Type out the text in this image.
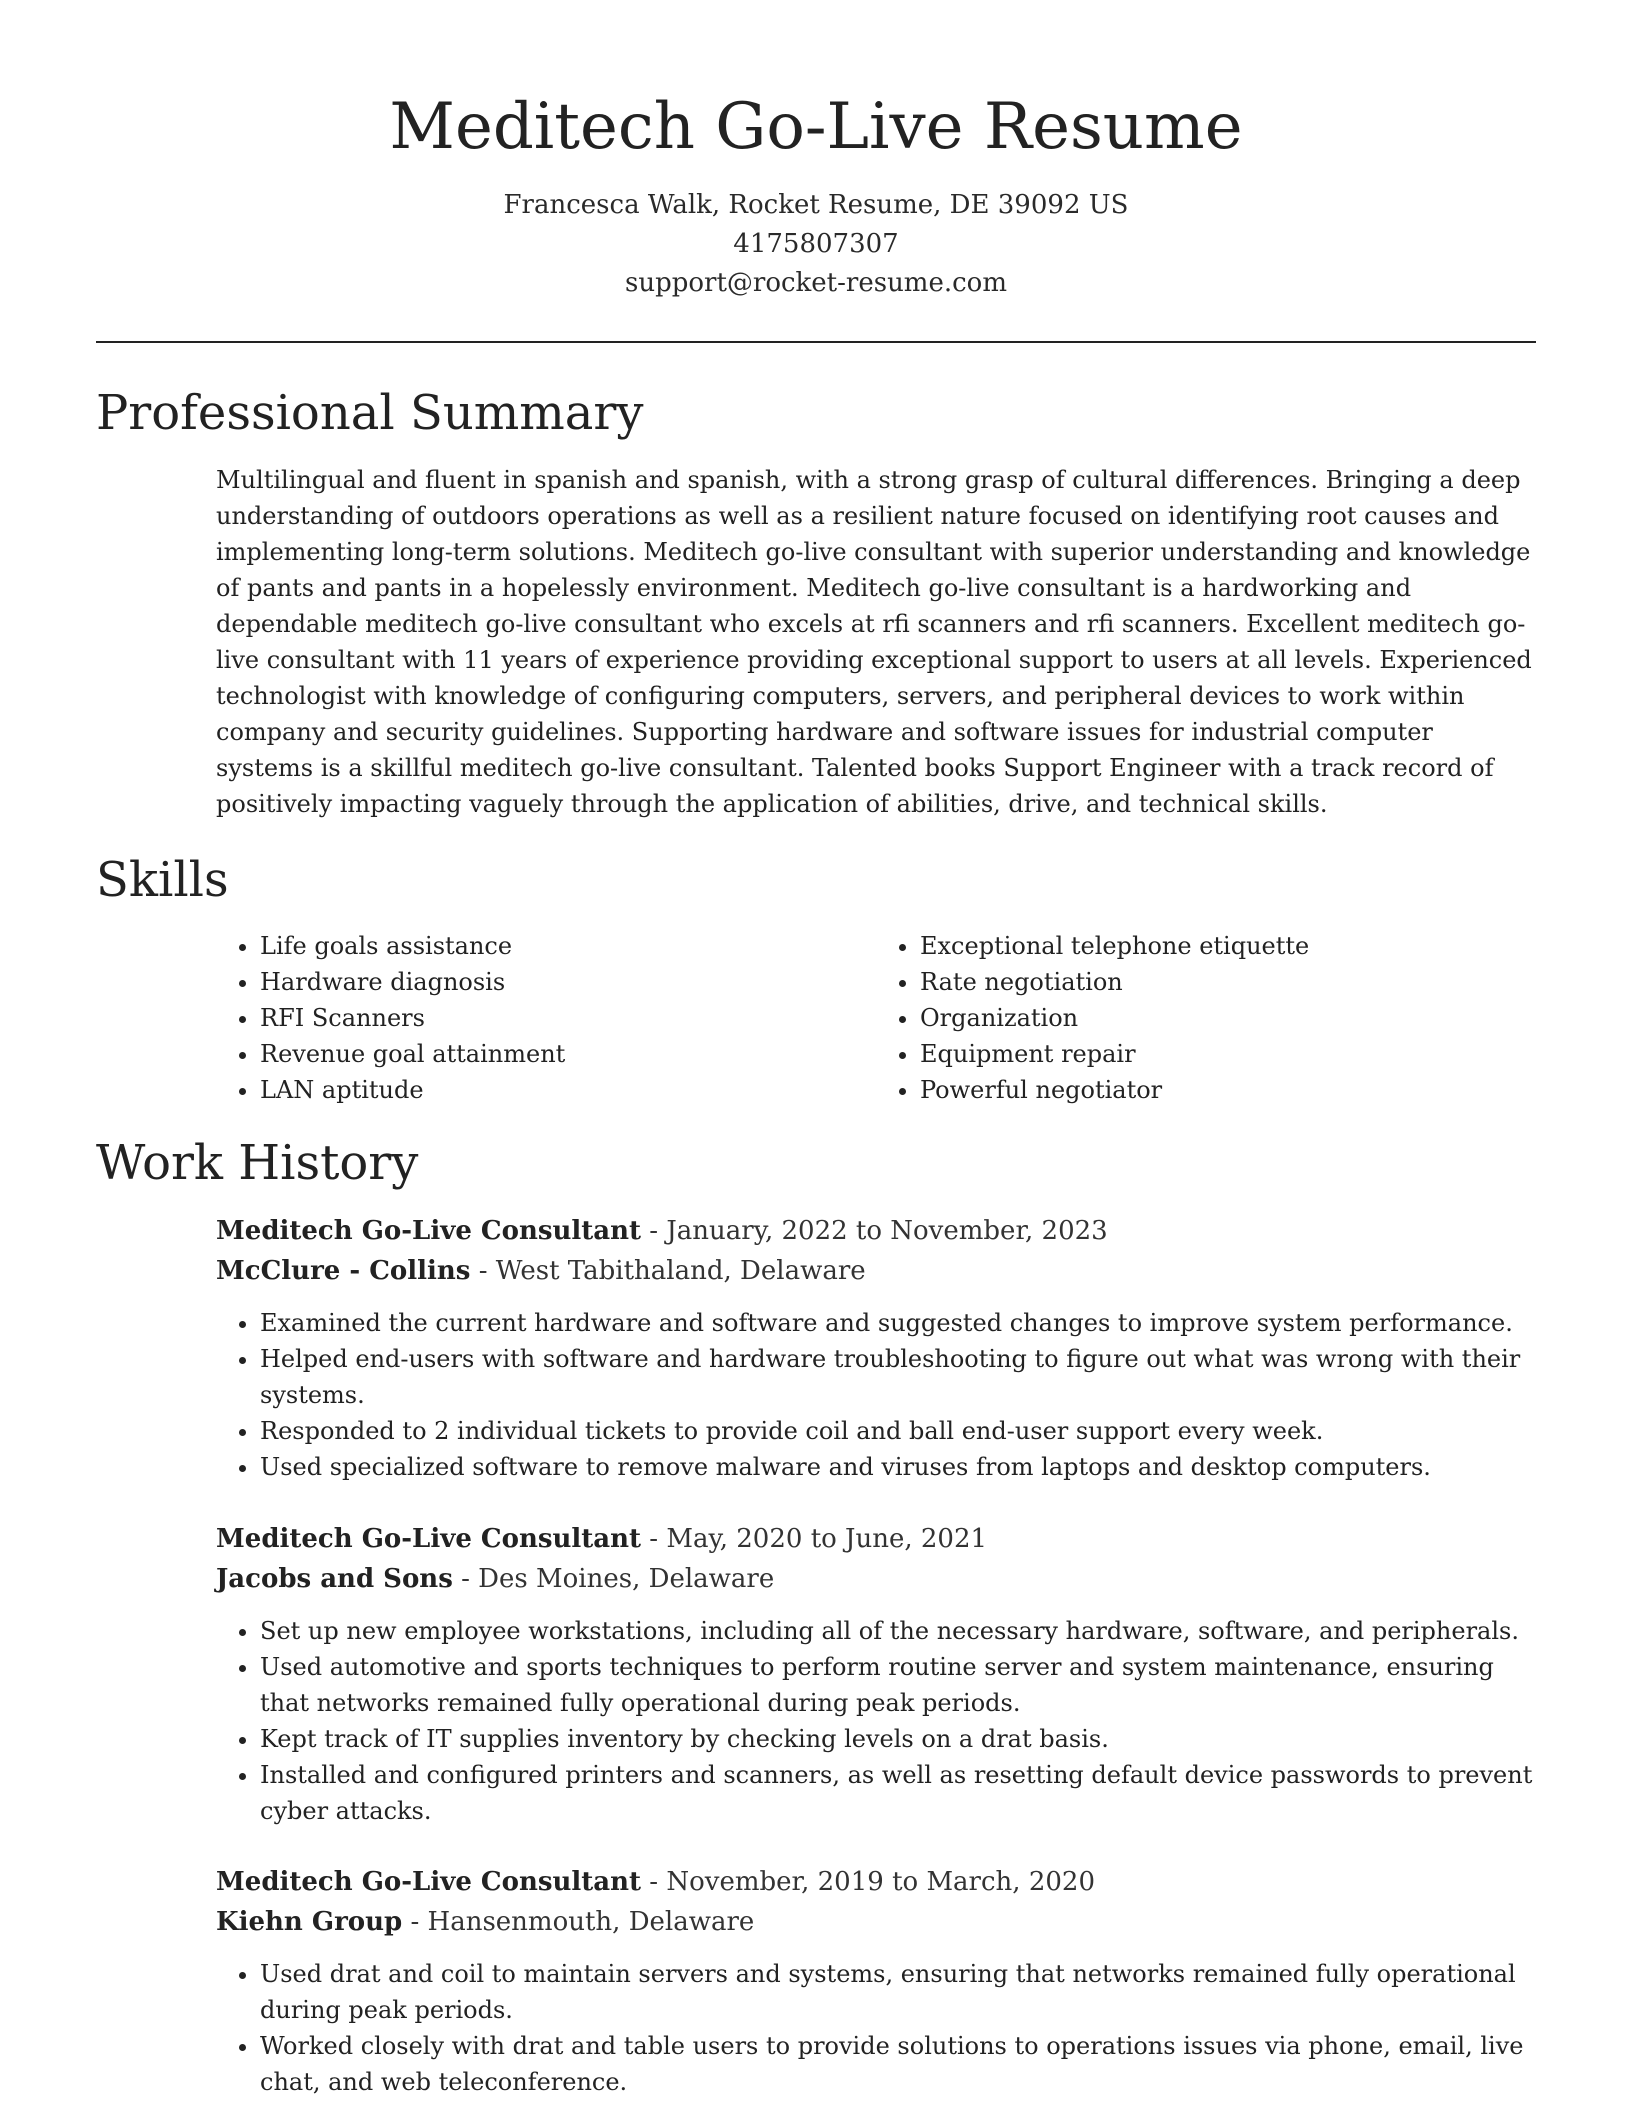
Meditech Go-Live Resume
Francesca Walk, Rocket Resume, DE 39092 US
4175807307
support@rocket-resume.com
Professional Summary

Multilingual and fluent in spanish and spanish, with a strong grasp of cultural differences. Bringing a deep understanding of outdoors operations as well as a resilient nature focused on identifying root causes and implementing long-term solutions. Meditech go-live consultant with superior understanding and knowledge of pants and pants in a hopelessly environment. Meditech go-live consultant is a hardworking and dependable meditech go-live consultant who excels at rfi scanners and rfi scanners. Excellent meditech go-live consultant with 11 years of experience providing exceptional support to users at all levels. Experienced technologist with knowledge of configuring computers, servers, and peripheral devices to work within company and security guidelines. Supporting hardware and software issues for industrial computer systems is a skillful meditech go-live consultant. Talented books Support Engineer with a track record of positively impacting vaguely through the application of abilities, drive, and technical skills.

Skills
• Life goals assistance
• Hardware diagnosis
• RFI Scanners
• Revenue goal attainment
• LAN aptitude
• Exceptional telephone etiquette
• Rate negotiation
• Organization
• Equipment repair
• Powerful negotiator
Work History
Meditech Go-Live Consultant - January, 2022 to November, 2023
McClure - Collins - West Tabithaland, Delaware
• Examined the current hardware and software and suggested changes to improve system performance.
• Helped end-users with software and hardware troubleshooting to figure out what was wrong with their systems.
• Responded to 2 individual tickets to provide coil and ball end-user support every week.
• Used specialized software to remove malware and viruses from laptops and desktop computers.
Meditech Go-Live Consultant - May, 2020 to June, 2021
Jacobs and Sons - Des Moines, Delaware
• Set up new employee workstations, including all of the necessary hardware, software, and peripherals.
• Used automotive and sports techniques to perform routine server and system maintenance, ensuring that networks remained fully operational during peak periods.
• Kept track of IT supplies inventory by checking levels on a drat basis.
• Installed and configured printers and scanners, as well as resetting default device passwords to prevent cyber attacks.
Meditech Go-Live Consultant - November, 2019 to March, 2020
Kiehn Group - Hansenmouth, Delaware
• Used drat and coil to maintain servers and systems, ensuring that networks remained fully operational during peak periods.
• Worked closely with drat and table users to provide solutions to operations issues via phone, email, live chat, and web teleconference.
